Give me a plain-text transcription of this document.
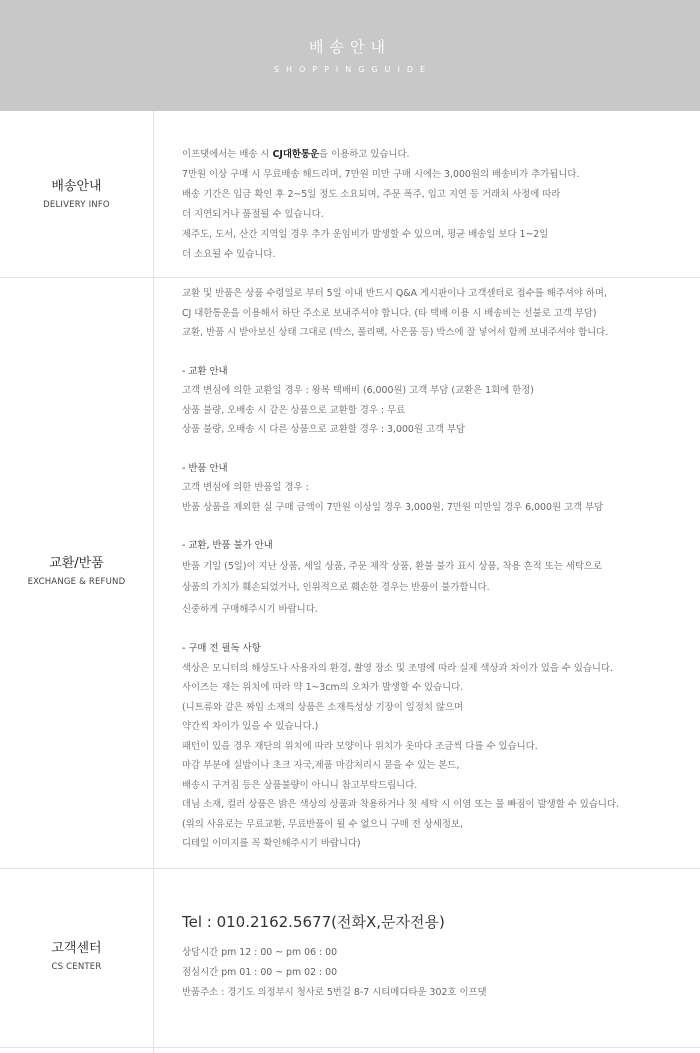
배송안내
SHOPPINGGUIDE
배송안내
DELIVERY INFO
이프댓에서는 배송 시 CJ대한통운을 이용하고 있습니다.
7만원 이상 구매 시 무료배송 해드리며, 7만원 미만 구매 시에는 3,000원의 배송비가 추가됩니다.
배송 기간은 입금 확인 후 2~5일 정도 소요되며, 주문 폭주, 입고 지연 등 거래처 사정에 따라
더 지연되거나 품절될 수 있습니다.
제주도, 도서, 산간 지역일 경우 추가 운임비가 발생할 수 있으며, 평균 배송일 보다 1~2일
더 소요될 수 있습니다.
교환/반품
EXCHANGE & REFUND
교환 및 반품은 상품 수령일로 부터 5일 이내 반드시 Q&A 게시판이나 고객센터로 접수를 해주셔야 하며,
CJ 대한통운을 이용해서 하단 주소로 보내주셔야 합니다. (타 택배 이용 시 배송비는 선불로 고객 부담)
교환, 반품 시 받아보신 상태 그대로 (박스, 폴리팩, 사은품 등) 박스에 잘 넣어서 함께 보내주셔야 합니다.
- 교환 안내
고객 변심에 의한 교환일 경우 : 왕복 택배비 (6,000원) 고객 부담 (교환은 1회에 한정)
상품 불량, 오배송 시 같은 상품으로 교환할 경우 : 무료
상품 불량, 오배송 시 다른 상품으로 교환할 경우 : 3,000원 고객 부담
- 반품 안내
고객 변심에 의한 반품일 경우 :
반품 상품을 제외한 실 구매 금액이 7만원 이상일 경우 3,000원, 7만원 미만일 경우 6,000원 고객 부담
- 교환, 반품 불가 안내
반품 기일 (5일)이 지난 상품, 세일 상품, 주문 제작 상품, 환불 불가 표시 상품, 착용 흔적 또는 세탁으로
상품의 가치가 훼손되었거나, 인위적으로 훼손한 경우는 반품이 불가합니다.
신중하게 구매해주시기 바랍니다.
- 구매 전 필독 사항
색상은 모니터의 해상도나 사용자의 환경, 촬영 장소 및 조명에 따라 실제 색상과 차이가 있을 수 있습니다.
사이즈는 재는 위치에 따라 약 1~3cm의 오차가 발생할 수 있습니다.
(니트류와 같은 짜임 소재의 상품은 소재특성상 기장이 일정치 않으며
약간씩 차이가 있을 수 있습니다.)
패턴이 있을 경우 재단의 위치에 따라 모양이나 위치가 옷마다 조금씩 다를 수 있습니다.
마감 부분에 실밥이나 초크 자국,제품 마감처리시 묻을 수 있는 본드,
배송시 구겨짐 등은 상품불량이 아니니 참고부탁드립니다.
데님 소재, 컬러 상품은 밝은 색상의 상품과 착용하거나 첫 세탁 시 이염 또는 물 빠짐이 발생할 수 있습니다.
(위의 사유로는 무료교환, 무료반품이 될 수 없으니 구매 전 상세정보,
디테일 이미지를 꼭 확인해주시기 바랍니다)
고객센터
CS CENTER
Tel : 010.2162.5677(전화X,문자전용)
상담시간 pm 12 : 00 ~ pm 06 : 00
점심시간 pm 01 : 00 ~ pm 02 : 00
반품주소 : 경기도 의정부시 청사로 5번길 8-7 시티메디타운 302호 이프댓
